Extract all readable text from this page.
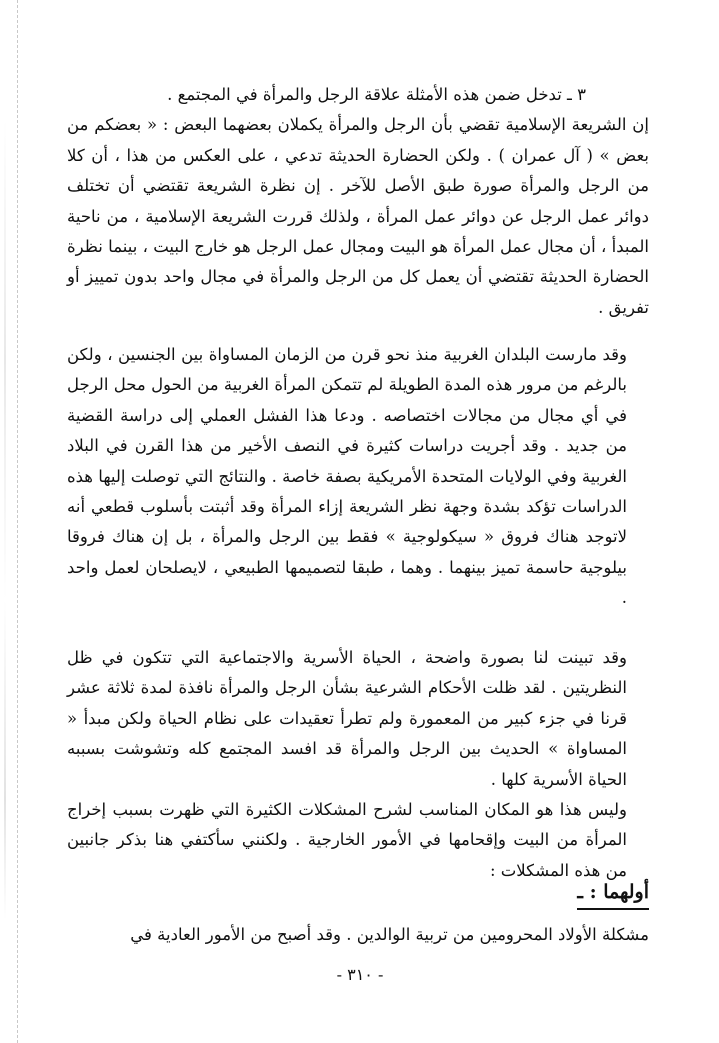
٣ ـ تدخل ضمن هذه الأمثلة علاقة الرجل والمرأة في المجتمع .

إن الشريعة الإسلامية تقضي بأن الرجل والمرأة يكملان بعضهما البعض : « بعضكم من بعض » ( آل عمران ) . ولكن الحضارة الحديثة تدعي ، على العكس من هذا ، أن كلا من الرجل والمرأة صورة طبق الأصل للآخر . إن نظرة الشريعة تقتضي أن تختلف دوائر عمل الرجل عن دوائر عمل المرأة ، ولذلك قررت الشريعة الإسلامية ، من ناحية المبدأ ، أن مجال عمل المرأة هو البيت ومجال عمل الرجل هو خارج البيت ، بينما نظرة الحضارة الحديثة تقتضي أن يعمل كل من الرجل والمرأة في مجال واحد بدون تمييز أو تفريق .

وقد مارست البلدان الغربية منذ نحو قرن من الزمان المساواة بين الجنسين ، ولكن بالرغم من مرور هذه المدة الطويلة لم تتمكن المرأة الغربية من الحول محل الرجل في أي مجال من مجالات اختصاصه . ودعا هذا الفشل العملي إلى دراسة القضية من جديد . وقد أجريت دراسات كثيرة في النصف الأخير من هذا القرن في البلاد الغربية وفي الولايات المتحدة الأمريكية بصفة خاصة . والنتائج التي توصلت إليها هذه الدراسات تؤكد بشدة وجهة نظر الشريعة إزاء المرأة وقد أثبتت بأسلوب قطعي أنه لاتوجد هناك فروق « سيكولوجية » فقط بين الرجل والمرأة ، بل إن هناك فروقا بيلوجية حاسمة تميز بينهما . وهما ، طبقا لتصميمها الطبيعي ، لايصلحان لعمل واحد .

وقد تبينت لنا بصورة واضحة ، الحياة الأسرية والاجتماعية التي تتكون في ظل النظريتين . لقد ظلت الأحكام الشرعية بشأن الرجل والمرأة نافذة لمدة ثلاثة عشر قرنا في جزء كبير من المعمورة ولم تطرأ تعقيدات على نظام الحياة ولكن مبدأ « المساواة » الحديث بين الرجل والمرأة قد افسد المجتمع كله وتشوشت بسببه الحياة الأسرية كلها .

وليس هذا هو المكان المناسب لشرح المشكلات الكثيرة التي ظهرت بسبب إخراج المرأة من البيت وإقحامها في الأمور الخارجية . ولكنني سأكتفي هنا بذكر جانبين من هذه المشكلات :

أولهما : ـ
مشكلة الأولاد المحرومين من تربية الوالدين . وقد أصبح من الأمور العادية في
- ٣١٠ -
